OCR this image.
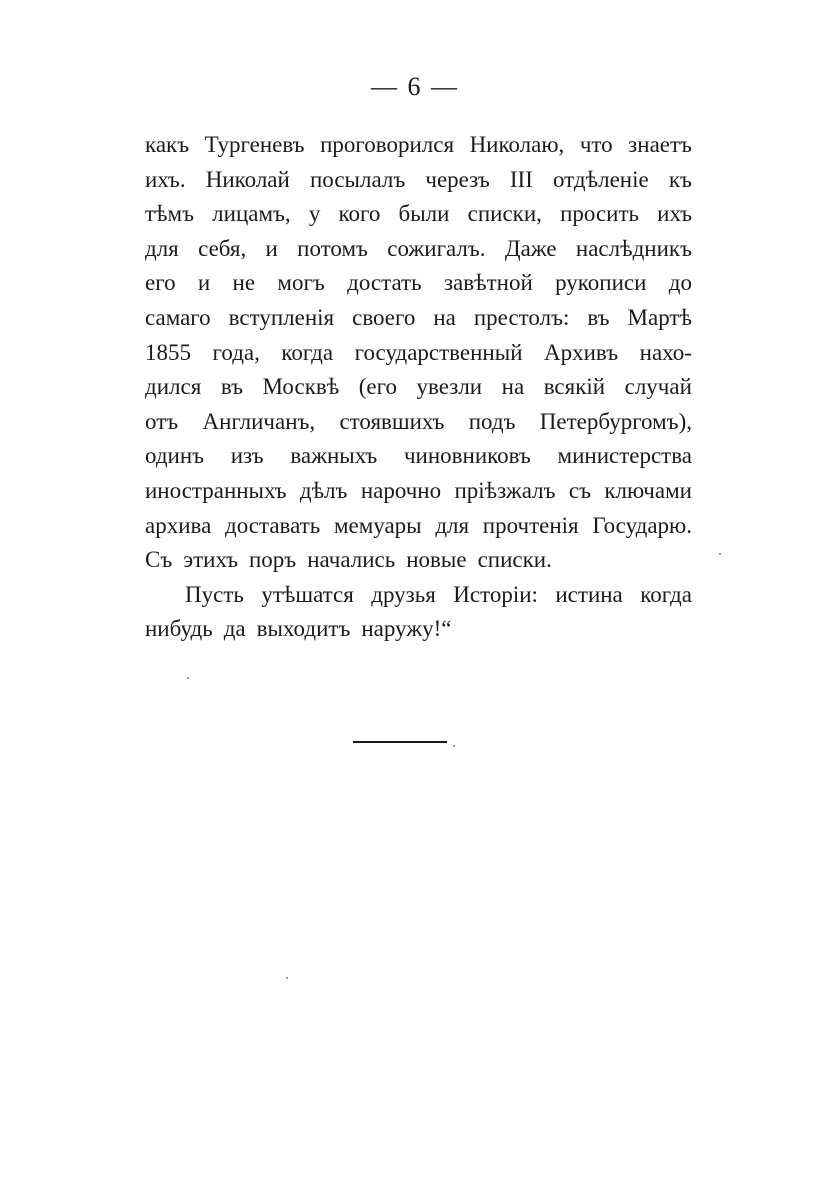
— 6 —
какъ Тургеневъ проговорился Николаю, что знаетъ
ихъ. Николай посылалъ черезъ III отдѣленіе къ
тѣмъ лицамъ, у кого были списки, просить ихъ
для себя, и потомъ сожигалъ. Даже наслѣдникъ
его и не могъ достать завѣтной рукописи до
самаго вступленія своего на престолъ: въ Мартѣ
1855 года, когда государственный Архивъ нахо-
дился въ Москвѣ (его увезли на всякій случай
отъ Англичанъ, стоявшихъ подъ Петербургомъ),
одинъ изъ важныхъ чиновниковъ министерства
иностранныхъ дѣлъ нарочно пріѣзжалъ съ ключами
архива доставать мемуары для прочтенія Государю.
Съ этихъ поръ начались новые списки.
Пусть утѣшатся друзья Исторіи: истина когда
нибудь да выходитъ наружу!“
